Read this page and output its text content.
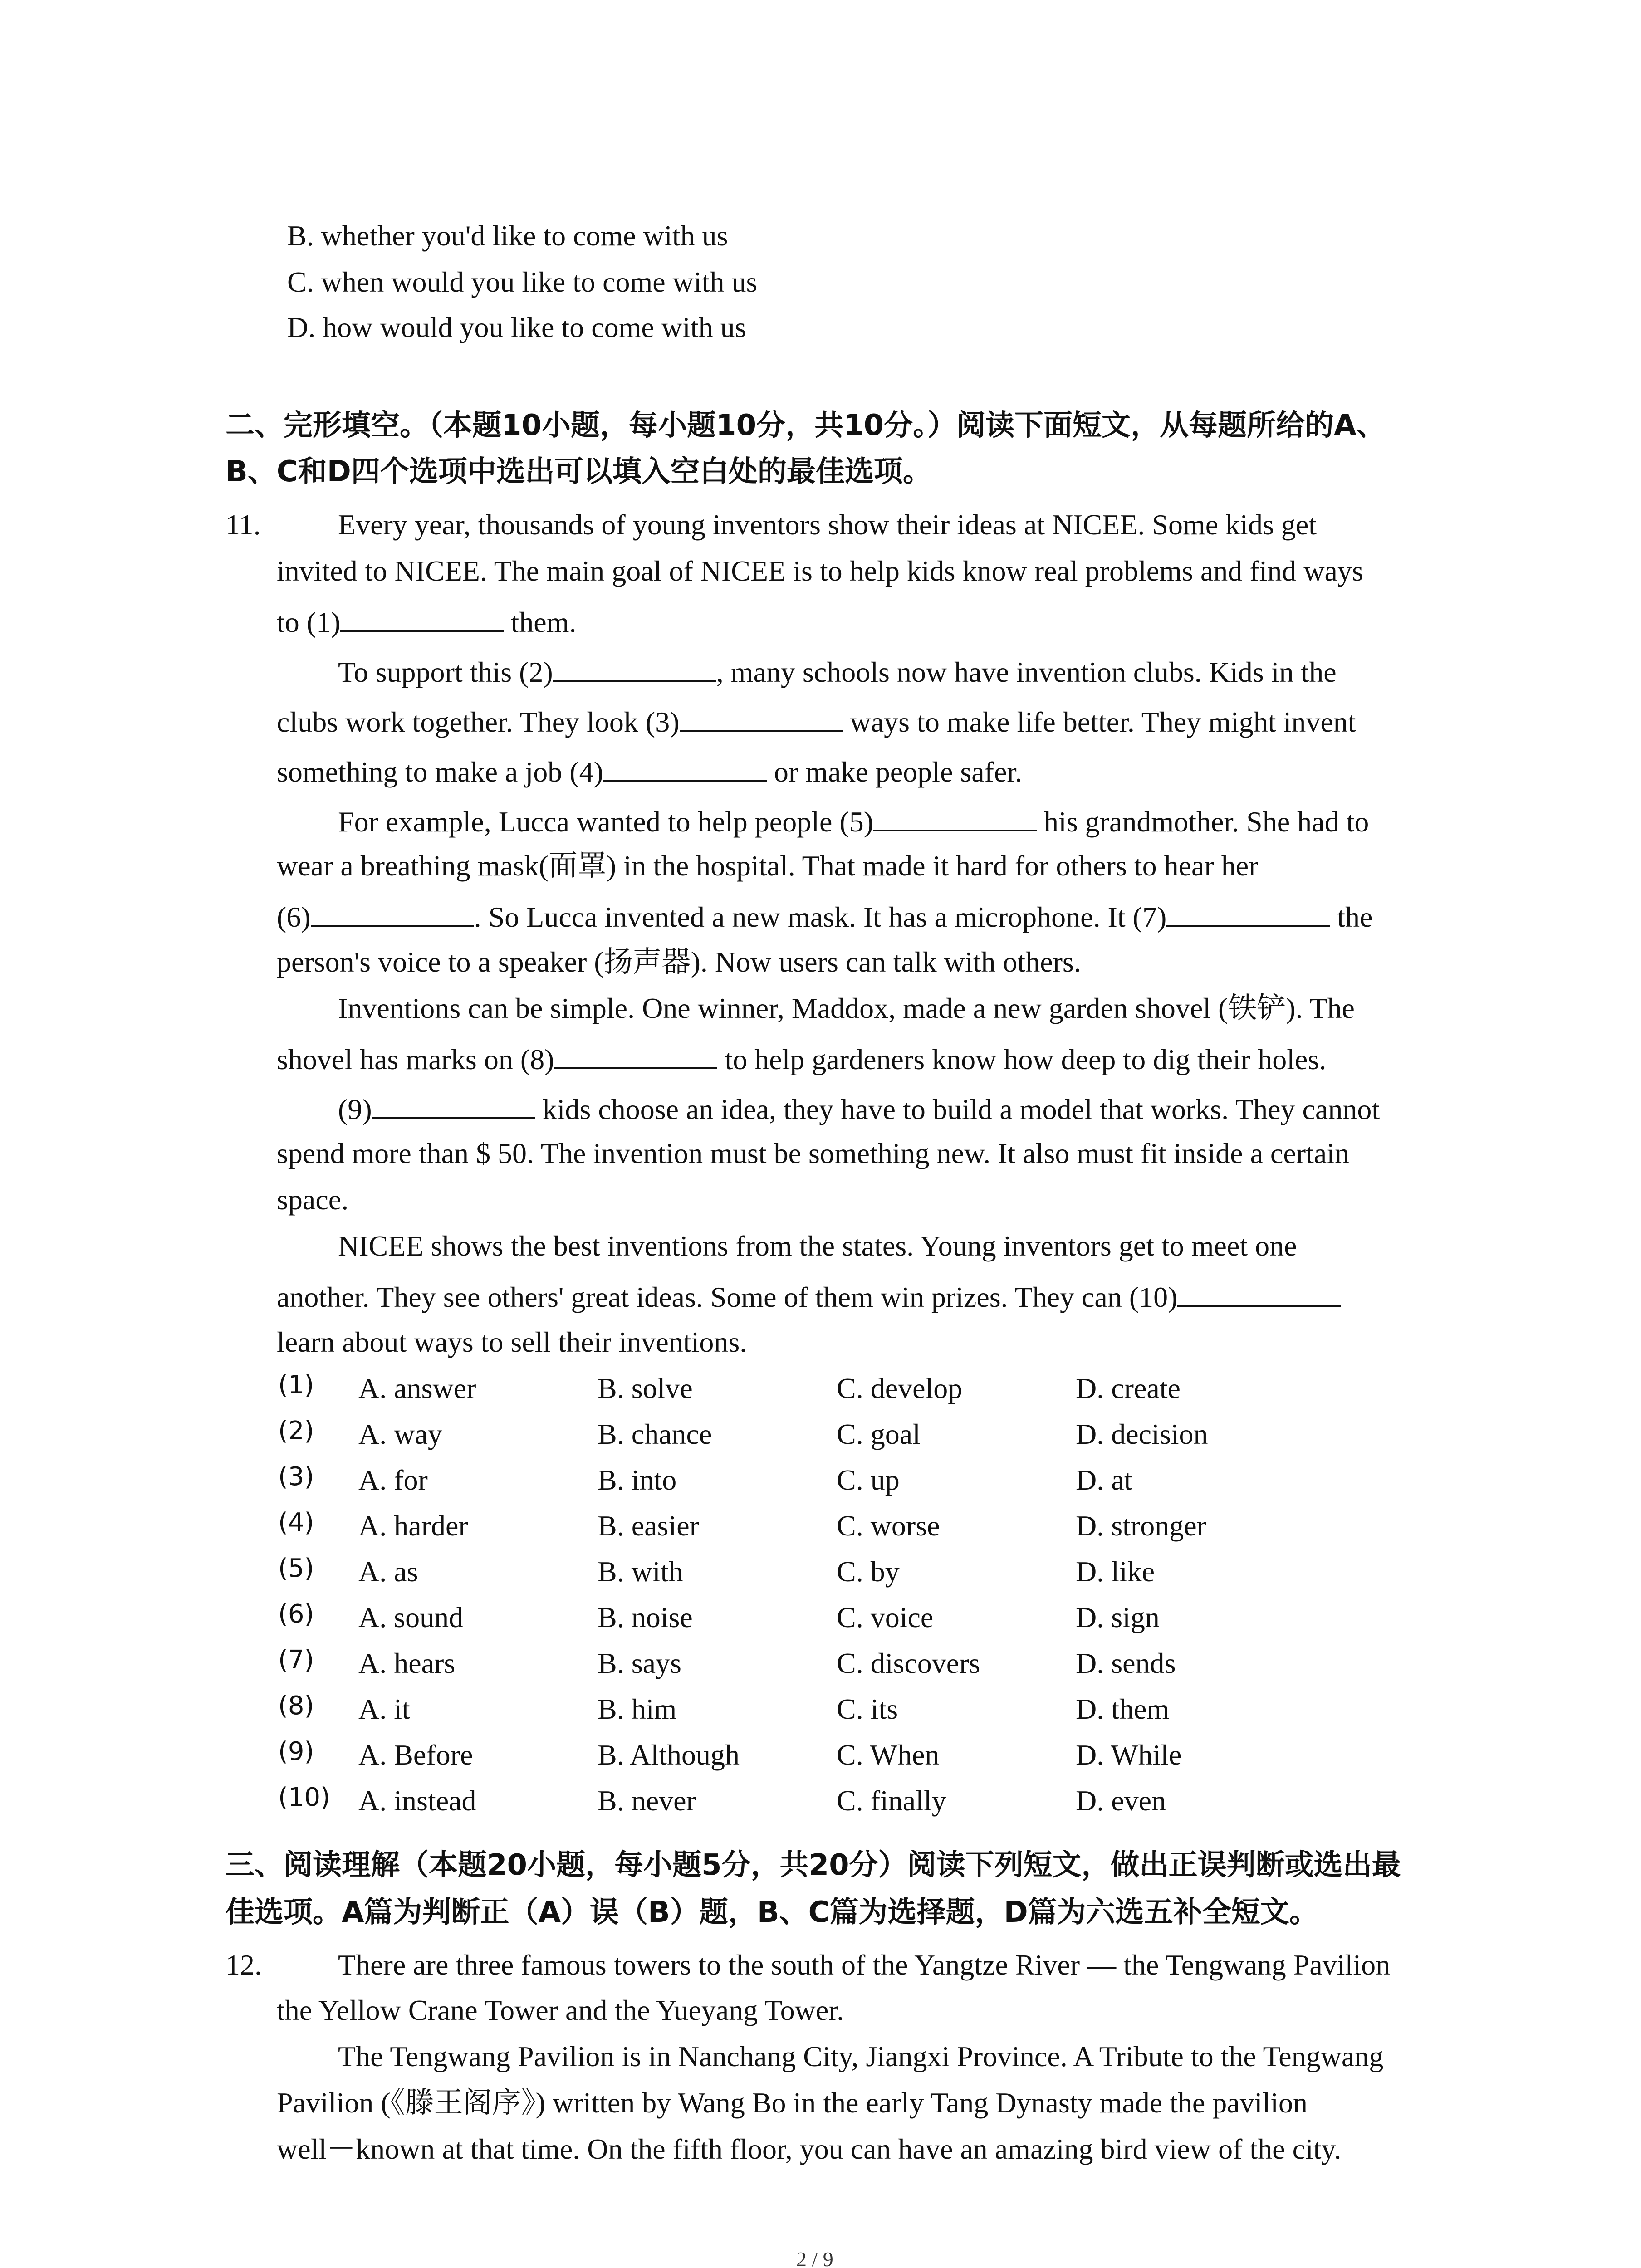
B. whether you'd like to come with us
C. when would you like to come with us
D. how would you like to come with us
二、完形填空。（本题10小题，每小题10分，共10分。）阅读下面短文，从每题所给的A、
B、C和D四个选项中选出可以填入空白处的最佳选项。
11.	Every year, thousands of young inventors show their ideas at NICEE. Some kids get
invited to NICEE. The main goal of NICEE is to help kids know real problems and find ways
to (1)	them.
To support this (2)	, many schools now have invention clubs. Kids in the
clubs work together. They look (3)	ways to make life better. They might invent
something to make a job (4)	or make people safer.
For example, Lucca wanted to help people (5)	his grandmother. She had to
wear a breathing mask(面罩) in the hospital. That made it hard for others to hear her
(6)	. So Lucca invented a new mask. It has a microphone. It (7)	the
person's voice to a speaker (扬声器). Now users can talk with others.
Inventions can be simple. One winner, Maddox, made a new garden shovel (铁铲). The
shovel has marks on (8)	to help gardeners know how deep to dig their holes.
(9)	kids choose an idea, they have to build a model that works. They cannot
spend more than $ 50. The invention must be something new. It also must fit inside a certain
space.
NICEE shows the best inventions from the states. Young inventors get to meet one
another. They see others' great ideas. Some of them win prizes. They can (10)
learn about ways to sell their inventions.
(1) A. answer	B. solve	C. develop	D. create
(2) A. way	B. chance	C. goal	D. decision
(3) A. for	B. into	C. up	D. at
(4) A. harder	B. easier	C. worse	D. stronger
(5) A. as	B. with	C. by	D. like
(6) A. sound	B. noise	C. voice	D. sign
(7) A. hears	B. says	C. discovers	D. sends
(8) A. it	B. him	C. its	D. them
(9) A. Before	B. Although	C. When	D. While
(10) A. instead	B. never	C. finally	D. even
三、阅读理解（本题20小题，每小题5分，共20分）阅读下列短文，做出正误判断或选出最
佳选项。A篇为判断正（A）误（B）题，B、C篇为选择题，D篇为六选五补全短文。
12.	There are three famous towers to the south of the Yangtze River — the Tengwang Pavilion
the Yellow Crane Tower and the Yueyang Tower.
The Tengwang Pavilion is in Nanchang City, Jiangxi Province. A Tribute to the Tengwang
Pavilion (《滕王阁序》) written by Wang Bo in the early Tang Dynasty made the pavilion
well－known at that time. On the fifth floor, you can have an amazing bird view of the city.
2 / 9
